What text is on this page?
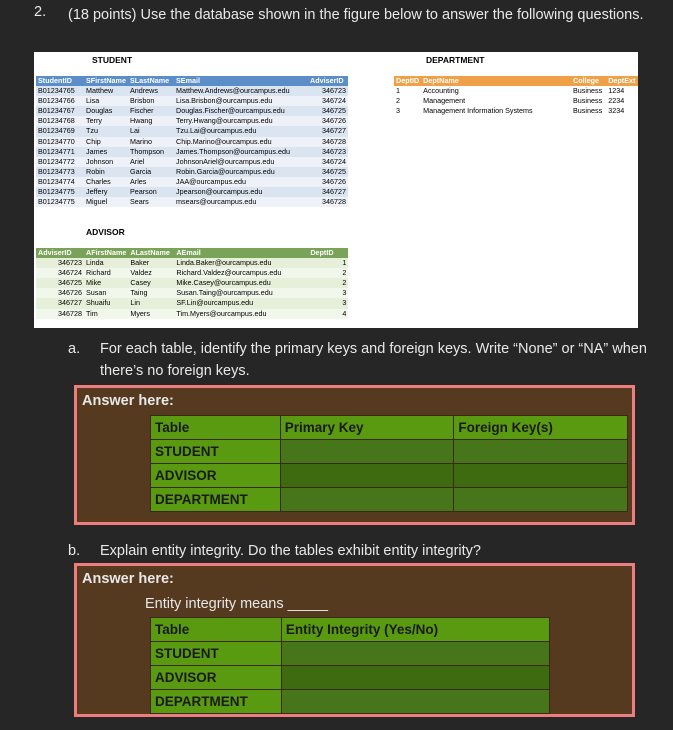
2. (18 points) Use the database shown in the figure below to answer the following questions.
STUDENT	DEPARTMENT
StudentID	SFirstName	SLastName	SEmail	AdviserID
B01234765	Matthew	Andrews	Matthew.Andrews@ourcampus.edu	346723
B01234766	Lisa	Brisbon	Lisa.Brisbon@ourcampus.edu	346724
B01234767	Douglas	Fischer	Douglas.Fischer@ourcampus.edu	346725
B01234768	Terry	Hwang	Terry.Hwang@ourcampus.edu	346726
B01234769	Tzu	Lai	Tzu.Lai@ourcampus.edu	346727
B01234770	Chip	Marino	Chip.Marino@ourcampus.edu	346728
B01234771	James	Thompson	James.Thompson@ourcampus.edu	346723
B01234772	Johnson	Ariel	JohnsonAriel@ourcampus.edu	346724
B01234773	Robin	Garcia	Robin.Garcia@ourcampus.edu	346725
B01234774	Charles	Arles	JAA@ourcampus.edu	346726
B01234775	Jeffery	Pearson	Jpearson@ourcampus.edu	346727
B01234775	Miguel	Sears	msears@ourcampus.edu	346728
DeptID	DeptName	College	DeptExt
1	Accounting	Business	1234
2	Management	Business	2234
3	Management Information Systems	Business	3234
ADVISOR
AdviserID	AFirstName	ALastName	AEmail	DeptID
346723	Linda	Baker	Linda.Baker@ourcampus.edu	1
346724	Richard	Valdez	Richard.Valdez@ourcampus.edu	2
346725	Mike	Casey	Mike.Casey@ourcampus.edu	2
346726	Susan	Taing	Susan.Taing@ourcampus.edu	3
346727	Shuaifu	Lin	SF.Lin@ourcampus.edu	3
346728	Tim	Myers	Tim.Myers@ourcampus.edu	4
a. For each table, identify the primary keys and foreign keys. Write “None” or “NA” when there’s no foreign keys.
Answer here:
Table	Primary Key	Foreign Key(s)
STUDENT		
ADVISOR		
DEPARTMENT		
b. Explain entity integrity. Do the tables exhibit entity integrity?
Answer here:
Entity integrity means _____
Table	Entity Integrity (Yes/No)
STUDENT	
ADVISOR	
DEPARTMENT	
